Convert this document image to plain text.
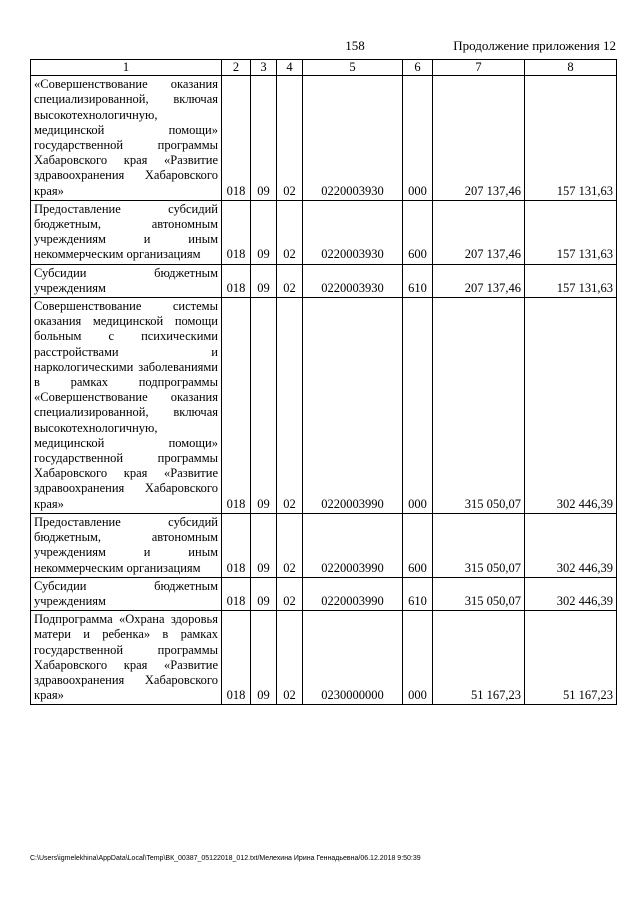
158	Продолжение приложения 12
1	2	3	4	5	6	7	8
«Совершенствование оказания специализированной, включая высокотехнологичную, медицинской помощи» государственной программы Хабаровского края «Развитие здравоохранения Хабаровского края»	018	09	02	0220003930	000	207 137,46	157 131,63
Предоставление субсидий бюджетным, автономным учреждениям и иным некоммерческим организациям	018	09	02	0220003930	600	207 137,46	157 131,63
Субсидии бюджетным учреждениям	018	09	02	0220003930	610	207 137,46	157 131,63
Совершенствование системы оказания медицинской помощи больным с психическими расстройствами и наркологическими заболеваниями в рамках подпрограммы «Совершенствование оказания специализированной, включая высокотехнологичную, медицинской помощи» государственной программы Хабаровского края «Развитие здравоохранения Хабаровского края»	018	09	02	0220003990	000	315 050,07	302 446,39
Предоставление субсидий бюджетным, автономным учреждениям и иным некоммерческим организациям	018	09	02	0220003990	600	315 050,07	302 446,39
Субсидии бюджетным учреждениям	018	09	02	0220003990	610	315 050,07	302 446,39
Подпрограмма «Охрана здоровья матери и ребенка» в рамках государственной программы Хабаровского края «Развитие здравоохранения Хабаровского края»	018	09	02	0230000000	000	51 167,23	51 167,23
C:\Users\igmelekhina\AppData\Local\Temp\ВК_00387_05122018_012.txt/Мелехина Ирина Геннадьевна/06.12.2018 9:50:39
